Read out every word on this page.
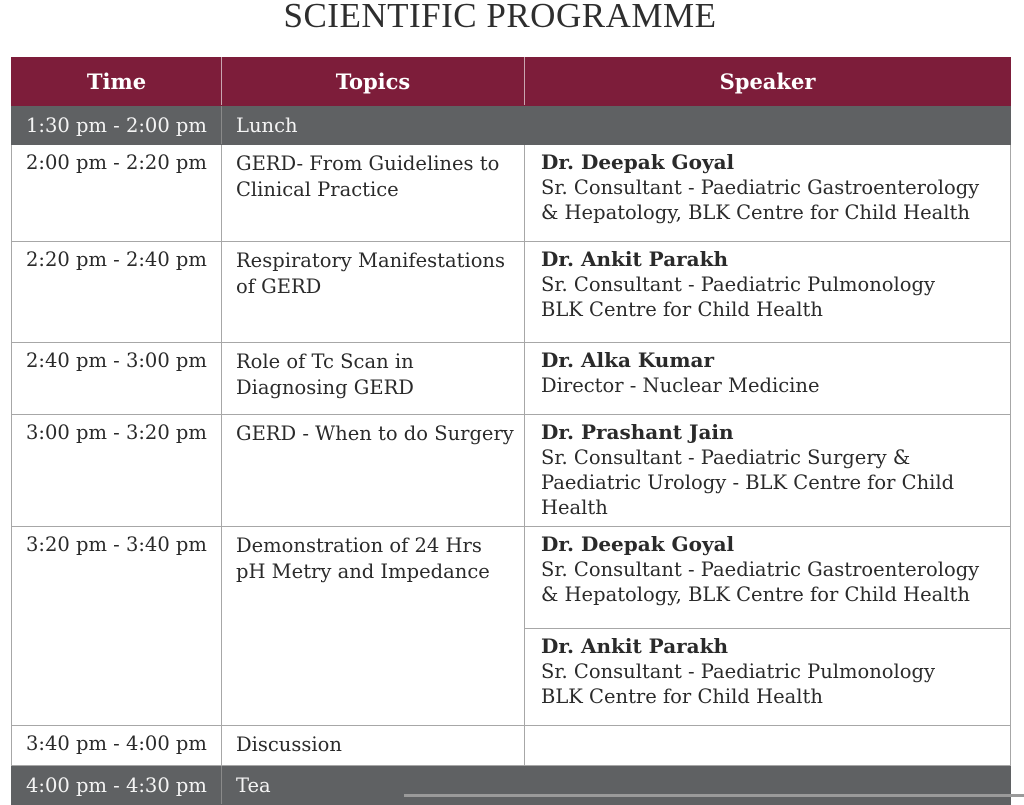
SCIENTIFIC PROGRAMME
Time	Topics	Speaker
1:30 pm - 2:00 pm	Lunch	
2:00 pm - 2:20 pm	GERD- From Guidelines to Clinical Practice	Dr. Deepak Goyal
Sr. Consultant - Paediatric Gastroenterology & Hepatology, BLK Centre for Child Health

2:20 pm - 2:40 pm	Respiratory Manifestations of GERD	Dr. Ankit Parakh
Sr. Consultant - Paediatric Pulmonology BLK Centre for Child Health

2:40 pm - 3:00 pm	Role of Tc Scan in Diagnosing GERD	Dr. Alka Kumar
Director - Nuclear Medicine

3:00 pm - 3:20 pm	GERD - When to do Surgery	Dr. Prashant Jain
Sr. Consultant - Paediatric Surgery & Paediatric Urology - BLK Centre for Child Health

3:20 pm - 3:40 pm	Demonstration of 24 Hrs pH Metry and Impedance	Dr. Deepak Goyal
Sr. Consultant - Paediatric Gastroenterology & Hepatology, BLK Centre for Child Health
Dr. Ankit Parakh
Sr. Consultant - Paediatric Pulmonology BLK Centre for Child Health

3:40 pm - 4:00 pm	Discussion	
4:00 pm - 4:30 pm	Tea	
